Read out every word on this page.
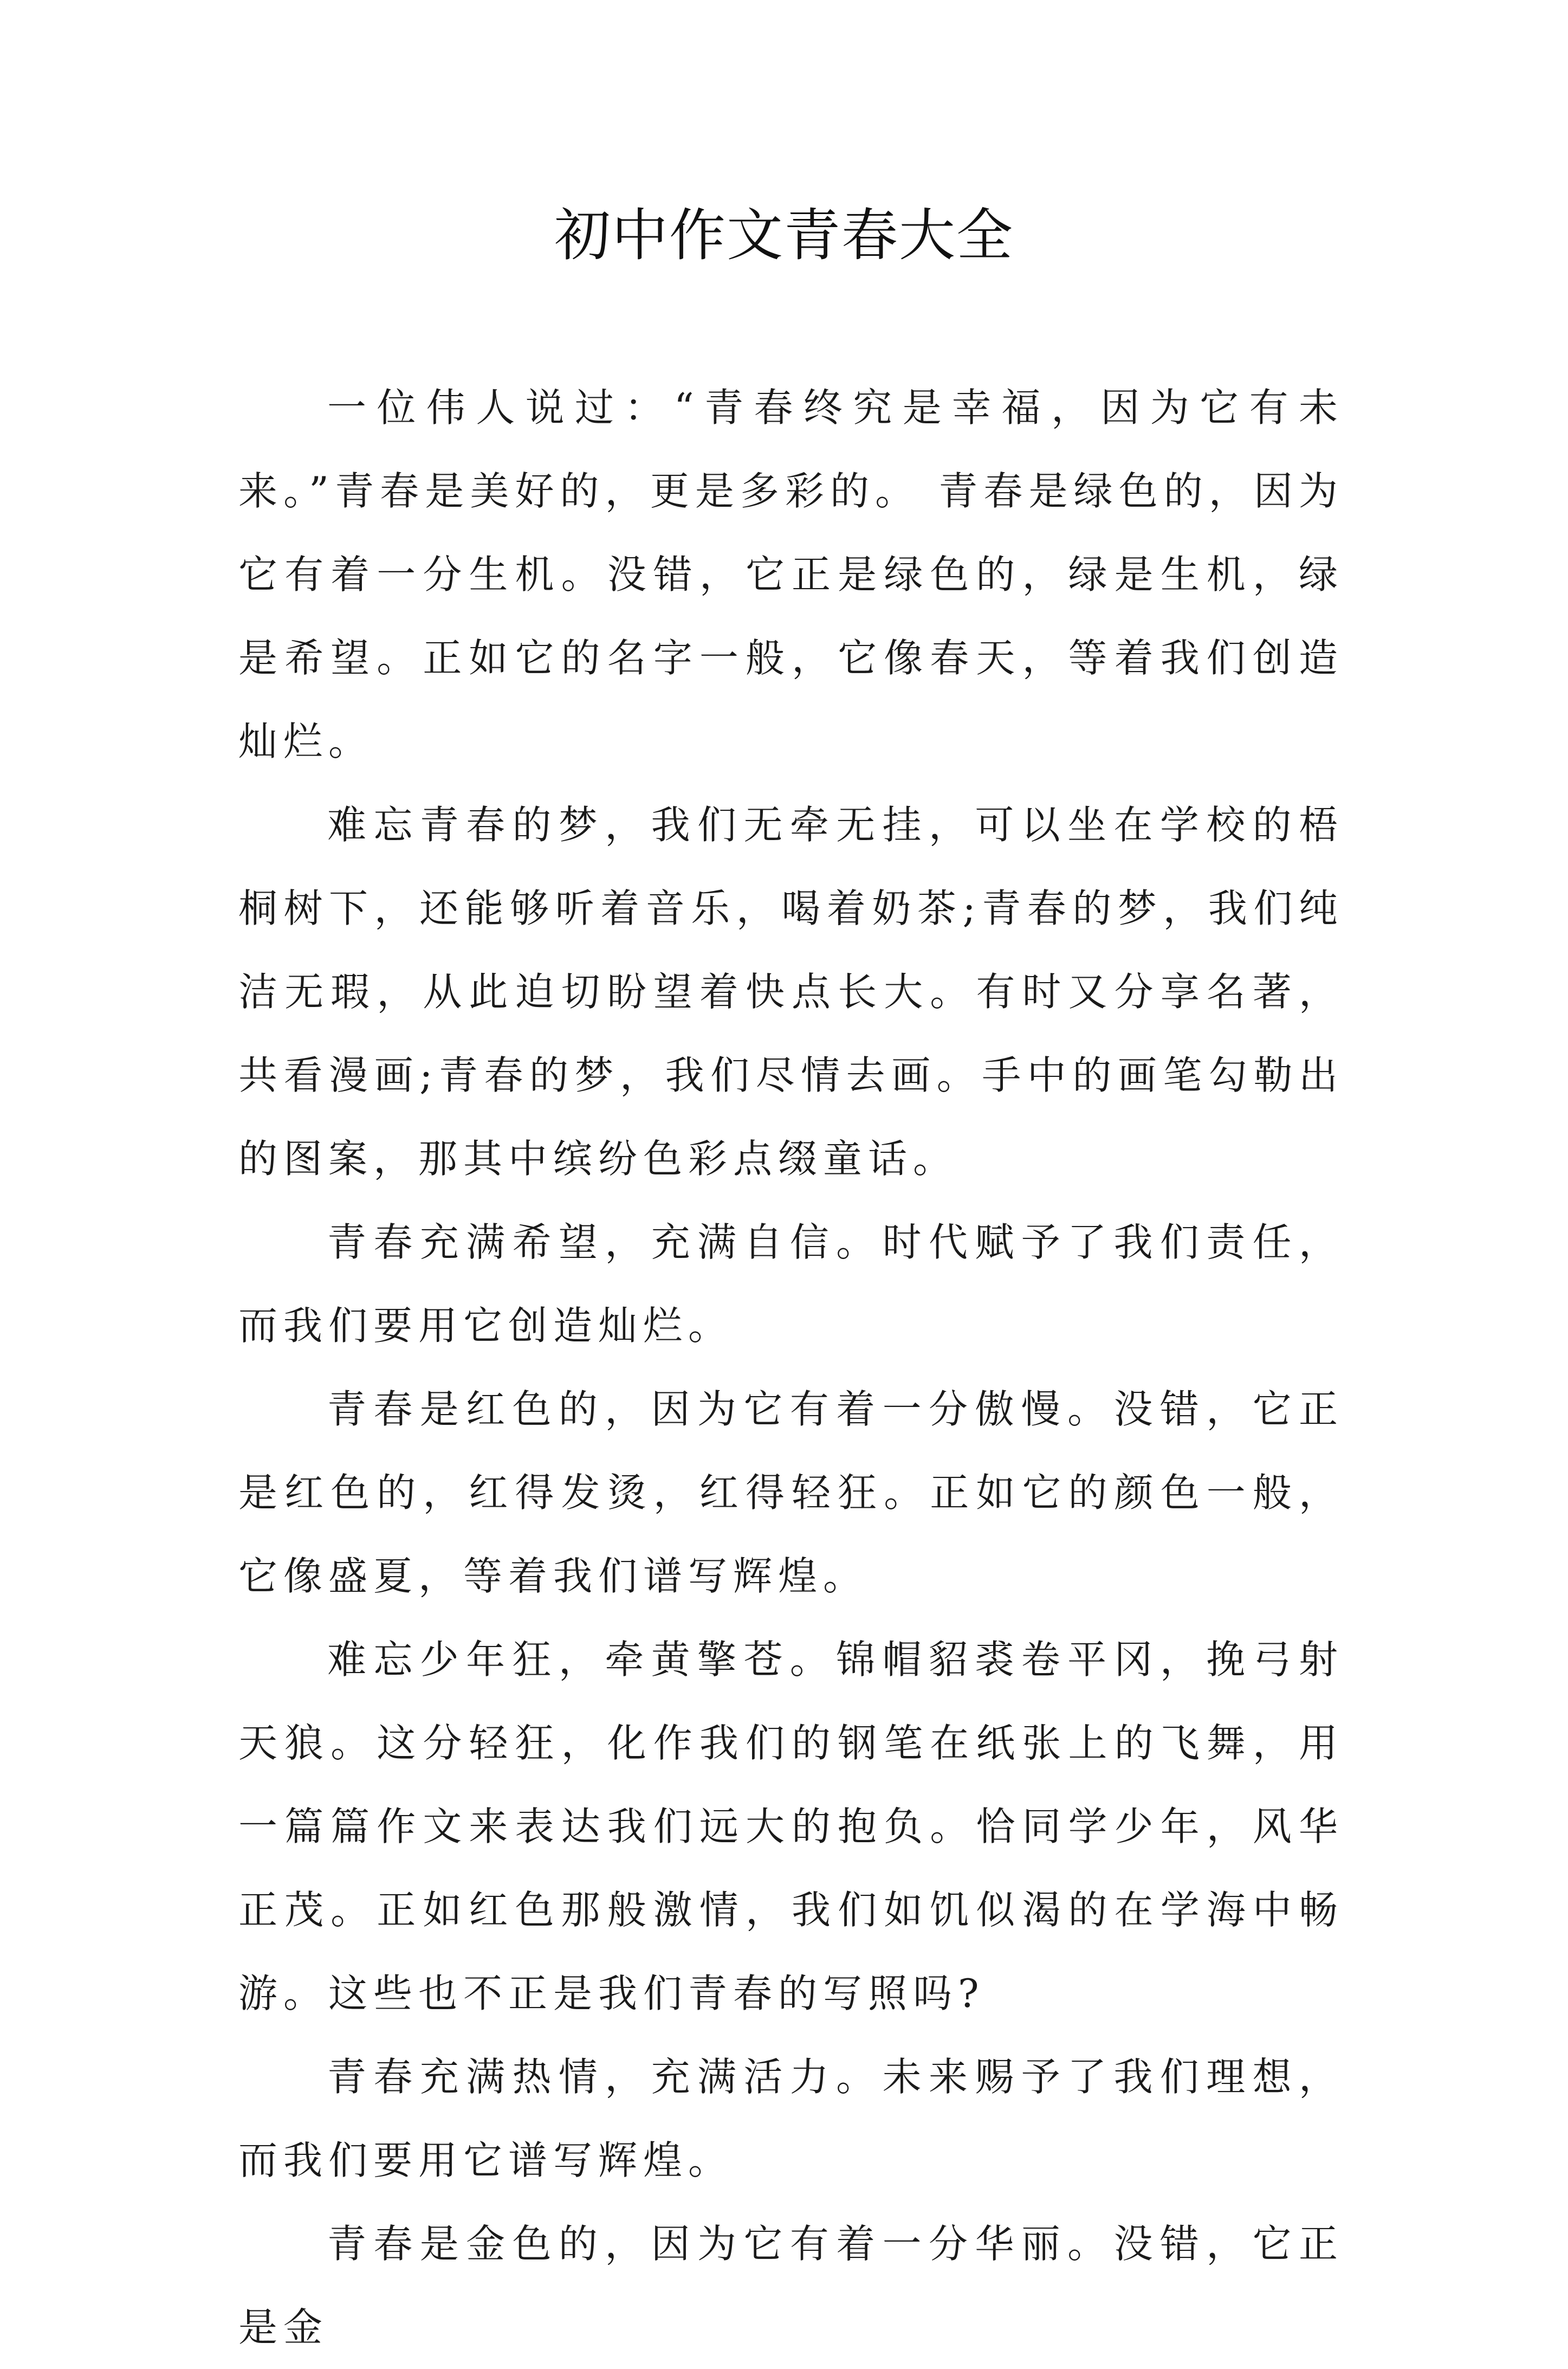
初中作文青春大全

一位伟人说过：“青春终究是幸福，因为它有未来。”青春是美好的，更是多彩的。 青春是绿色的，因为它有着一分生机。没错，它正是绿色的，绿是生机，绿是希望。正如它的名字一般，它像春天，等着我们创造灿烂。

难忘青春的梦，我们无牵无挂，可以坐在学校的梧桐树下，还能够听着音乐，喝着奶茶;青春的梦，我们纯洁无瑕，从此迫切盼望着快点长大。有时又分享名著，共看漫画;青春的梦，我们尽情去画。手中的画笔勾勒出的图案，那其中缤纷色彩点缀童话。

青春充满希望，充满自信。时代赋予了我们责任，而我们要用它创造灿烂。

青春是红色的，因为它有着一分傲慢。没错，它正是红色的，红得发烫，红得轻狂。正如它的颜色一般，它像盛夏，等着我们谱写辉煌。

难忘少年狂，牵黄擎苍。锦帽貂裘卷平冈，挽弓射天狼。这分轻狂，化作我们的钢笔在纸张上的飞舞，用一篇篇作文来表达我们远大的抱负。恰同学少年，风华正茂。正如红色那般激情，我们如饥似渴的在学海中畅游。这些也不正是我们青春的写照吗?

青春充满热情，充满活力。未来赐予了我们理想，而我们要用它谱写辉煌。

青春是金色的，因为它有着一分华丽。没错，它正是金
